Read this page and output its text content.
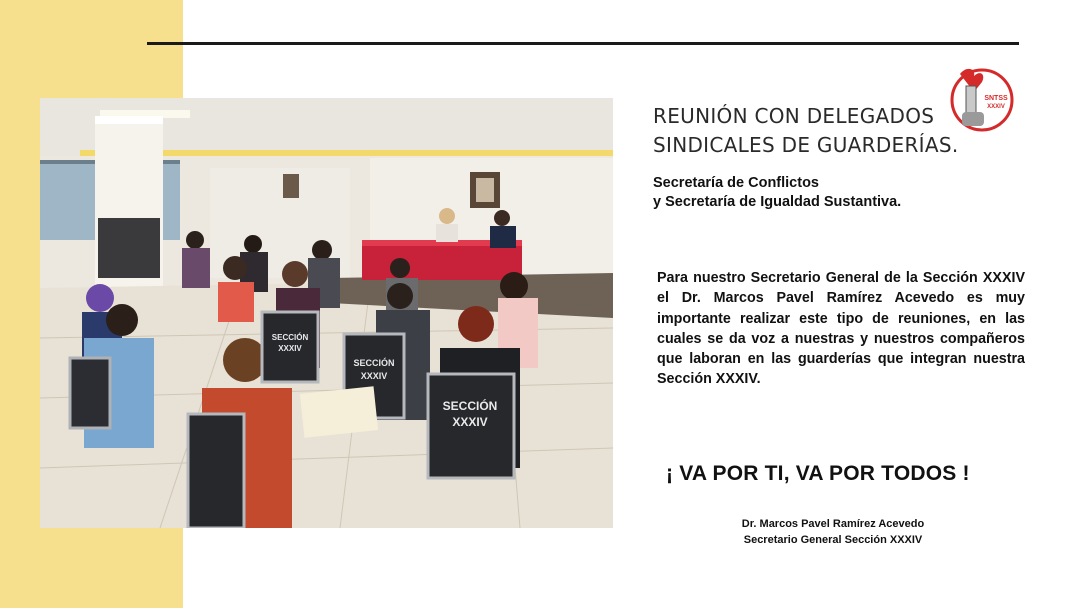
SECCIÓN
XXXIV
SECCIÓN
XXXIV
SECCIÓN
XXXIV
SNTSS
XXXIV
REUNIÓN CON DELEGADOS SINDICALES DE GUARDERÍAS.
Secretaría de Conflictos
y Secretaría de Igualdad Sustantiva.
Para nuestro Secretario General de la Sección XXXIV el Dr. Marcos Pavel Ramírez Acevedo es muy importante realizar este tipo de reuniones, en las cuales se da voz a nuestras y nuestros compañeros que laboran en las guarderías que integran nuestra Sección XXXIV.
¡ VA POR TI, VA POR TODOS !
Dr. Marcos Pavel Ramírez Acevedo
Secretario General Sección XXXIV
